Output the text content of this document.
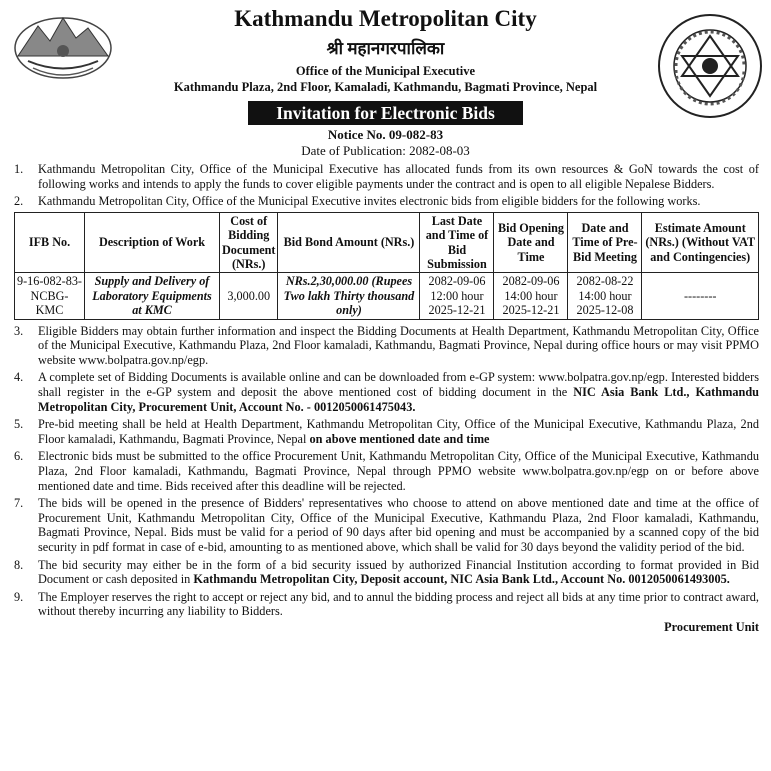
Kathmandu Metropolitan City
श्री महानगरपालिका
Office of the Municipal Executive
Kathmandu Plaza, 2nd Floor, Kamaladi, Kathmandu, Bagmati Province, Nepal
Invitation for Electronic Bids
Notice No. 09-082-83
Date of Publication: 2082-08-03
1.	Kathmandu Metropolitan City, Office of the Municipal Executive has allocated funds from its own resources & GoN towards the cost of following works and intends to apply the funds to cover eligible payments under the contract and is open to all eligible Nepalese Bidders.
2.	Kathmandu Metropolitan City, Office of the Municipal Executive invites electronic bids from eligible bidders for the following works.
IFB No.	Description of Work	Cost of Bidding Document (NRs.)	Bid Bond Amount (NRs.)	Last Date and Time of Bid Submission	Bid Opening Date and Time	Date and Time of Pre-Bid Meeting	Estimate Amount (NRs.) (Without VAT and Contingencies)
9-16-082-83-NCBG-KMC	Supply and Delivery of Laboratory Equipments at KMC	3,000.00	NRs.2,30,000.00 (Rupees Two lakh Thirty thousand only)	2082-09-06 12:00 hour 2025-12-21	2082-09-06 14:00 hour 2025-12-21	2082-08-22 14:00 hour 2025-12-08	--------
3.	Eligible Bidders may obtain further information and inspect the Bidding Documents at Health Department, Kathmandu Metropolitan City, Office of the Municipal Executive, Kathmandu Plaza, 2nd Floor kamaladi, Kathmandu, Bagmati Province, Nepal during office hours or may visit PPMO website www.bolpatra.gov.np/egp.
4.	A complete set of Bidding Documents is available online and can be downloaded from e-GP system: www.bolpatra.gov.np/egp. Interested bidders shall register in the e-GP system and deposit the above mentioned cost of bidding document in the NIC Asia Bank Ltd., Kathmandu Metropolitan City, Procurement Unit, Account No. - 0012050061475043.
5.	Pre-bid meeting shall be held at Health Department, Kathmandu Metropolitan City, Office of the Municipal Executive, Kathmandu Plaza, 2nd Floor kamaladi, Kathmandu, Bagmati Province, Nepal on above mentioned date and time
6.	Electronic bids must be submitted to the office Procurement Unit, Kathmandu Metropolitan City, Office of the Municipal Executive, Kathmandu Plaza, 2nd Floor kamaladi, Kathmandu, Bagmati Province, Nepal through PPMO website www.bolpatra.gov.np/egp on or before above mentioned date and time. Bids received after this deadline will be rejected.
7.	The bids will be opened in the presence of Bidders' representatives who choose to attend on above mentioned date and time at the office of Procurement Unit, Kathmandu Metropolitan City, Office of the Municipal Executive, Kathmandu Plaza, 2nd Floor kamaladi, Kathmandu, Bagmati Province, Nepal. Bids must be valid for a period of 90 days after bid opening and must be accompanied by a scanned copy of the bid security in pdf format in case of e-bid, amounting to as mentioned above, which shall be valid for 30 days beyond the validity period of the bid.
8.	The bid security may either be in the form of a bid security issued by authorized Financial Institution according to format provided in Bid Document or cash deposited in Kathmandu Metropolitan City, Deposit account, NIC Asia Bank Ltd., Account No. 0012050061493005.
9.	The Employer reserves the right to accept or reject any bid, and to annul the bidding process and reject all bids at any time prior to contract award, without thereby incurring any liability to Bidders.
Procurement Unit
